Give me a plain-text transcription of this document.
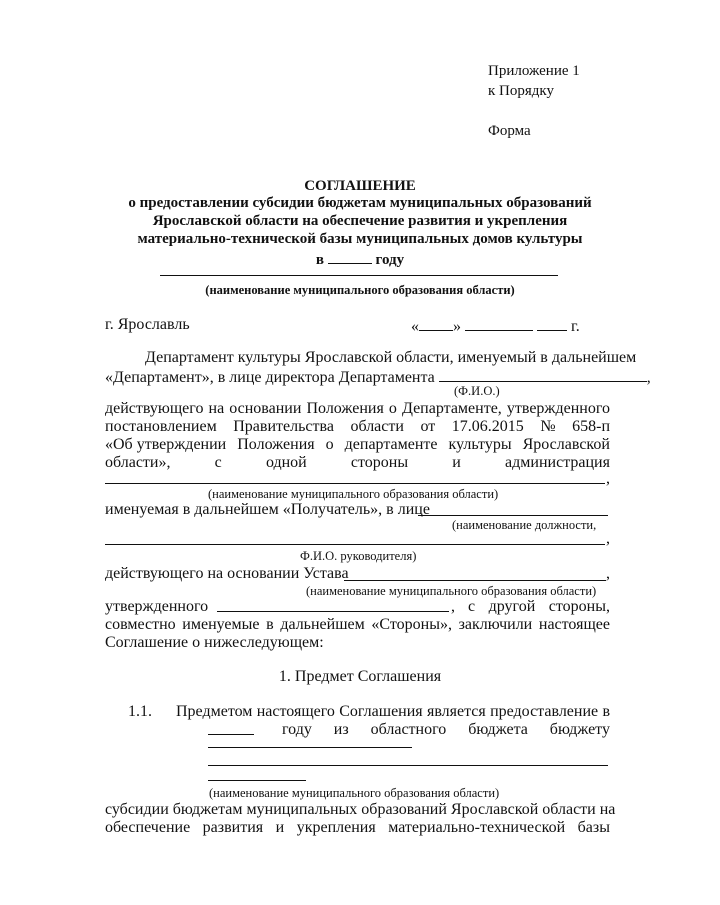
Приложение 1
к Порядку
Форма
СОГЛАШЕНИЕ
о предоставлении субсидии бюджетам муниципальных образований
Ярославской области на обеспечение развития и укрепления
материально-технической базы муниципальных домов культуры
в	году
(наименование муниципального образования области)
г. Ярославль	« »	г.
Департамент культуры Ярославской области, именуемый в дальнейшем
«Департамент», в лице директора Департамента	,
(Ф.И.О.)
действующего на основании Положения о Департаменте, утвержденного
постановлением Правительства области от 17.06.2015 № 658-п
«Об утверждении Положения о департаменте культуры Ярославской
области»,	с	одной	стороны	и	администрация
,
(наименование муниципального образования области)
именуемая в дальнейшем «Получатель», в лице
(наименование должности,
,
Ф.И.О. руководителя)
действующего на основании Устава	,
(наименование муниципального образования области)
утвержденного	, с другой стороны,
совместно именуемые в дальнейшем «Стороны», заключили настоящее
Соглашение о нижеследующем:
1. Предмет Соглашения
1.1. Предметом настоящего Соглашения является предоставление в
году из областного бюджета бюджету
(наименование муниципального образования области)
субсидии бюджетам муниципальных образований Ярославской области на
обеспечение развития и укрепления материально-технической базы
